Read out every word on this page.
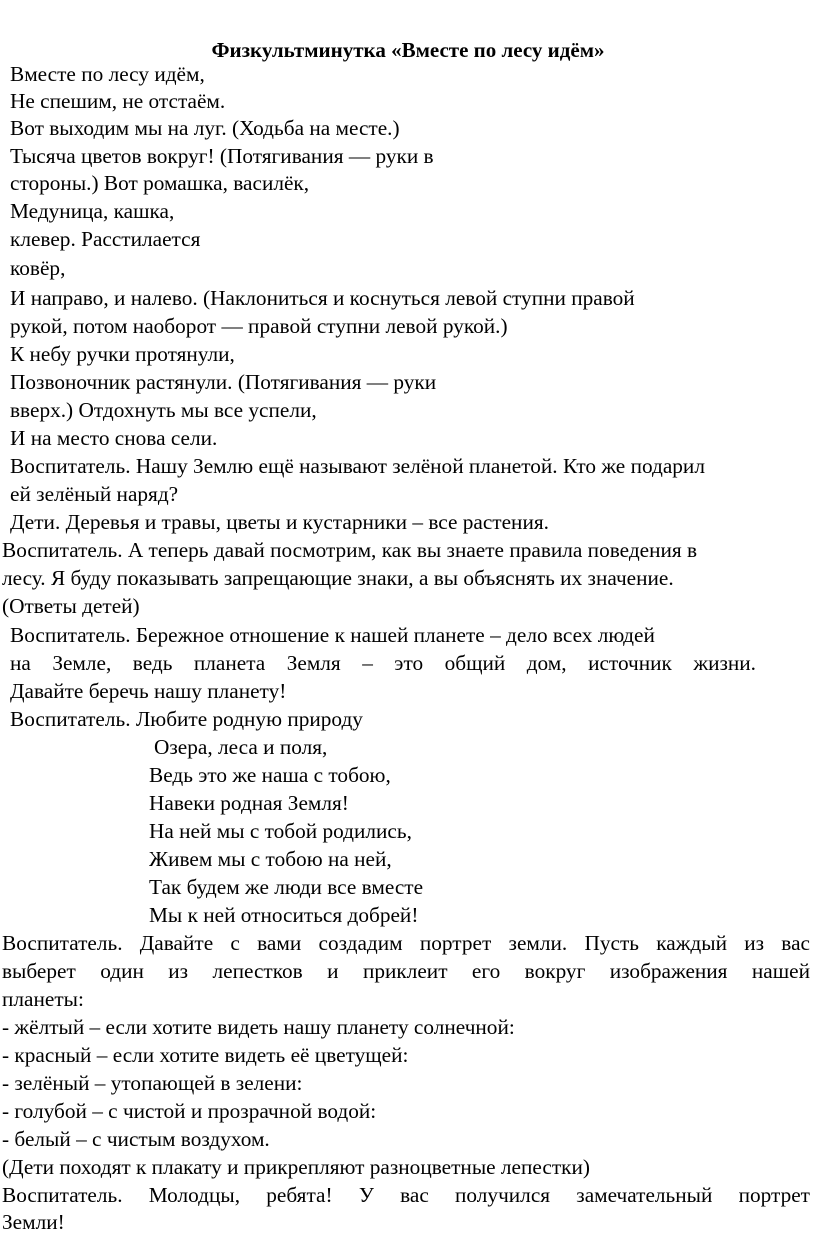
Физкультминутка «Вместе по лесу идём»
Вместе по лесу идём,
Не спешим, не отстаём.
Вот выходим мы на луг. (Ходьба на месте.)
Тысяча цветов вокруг! (Потягивания — руки в
стороны.) Вот ромашка, василёк,
Медуница, кашка,
клевер. Расстилается
ковёр,
И направо, и налево. (Наклониться и коснуться левой ступни правой
рукой, потом наоборот — правой ступни левой рукой.)
К небу ручки протянули,
Позвоночник растянули. (Потягивания — руки
вверх.) Отдохнуть мы все успели,
И на место снова сели.
Воспитатель. Нашу Землю ещё называют зелёной планетой. Кто же подарил
ей зелёный наряд?
Дети. Деревья и травы, цветы и кустарники – все растения.
Воспитатель. А теперь давай посмотрим, как вы знаете правила поведения в
лесу. Я буду показывать запрещающие знаки, а вы объяснять их значение.
(Ответы детей)
Воспитатель. Бережное отношение к нашей планете – дело всех людей
на Земле, ведь планета Земля – это общий дом, источник жизни.
Давайте беречь нашу планету!
Воспитатель. Любите родную природу
Озера, леса и поля,
Ведь это же наша с тобою,
Навеки родная Земля!
На ней мы с тобой родились,
Живем мы с тобою на ней,
Так будем же люди все вместе
Мы к ней относиться добрей!
Воспитатель. Давайте с вами создадим портрет земли. Пусть каждый из вас
выберет один из лепестков и приклеит его вокруг изображения нашей
планеты:
- жёлтый – если хотите видеть нашу планету солнечной:
- красный – если хотите видеть её цветущей:
- зелёный – утопающей в зелени:
- голубой – с чистой и прозрачной водой:
- белый – с чистым воздухом.
(Дети походят к плакату и прикрепляют разноцветные лепестки)
Воспитатель. Молодцы, ребята! У вас получился замечательный портрет
Земли!
